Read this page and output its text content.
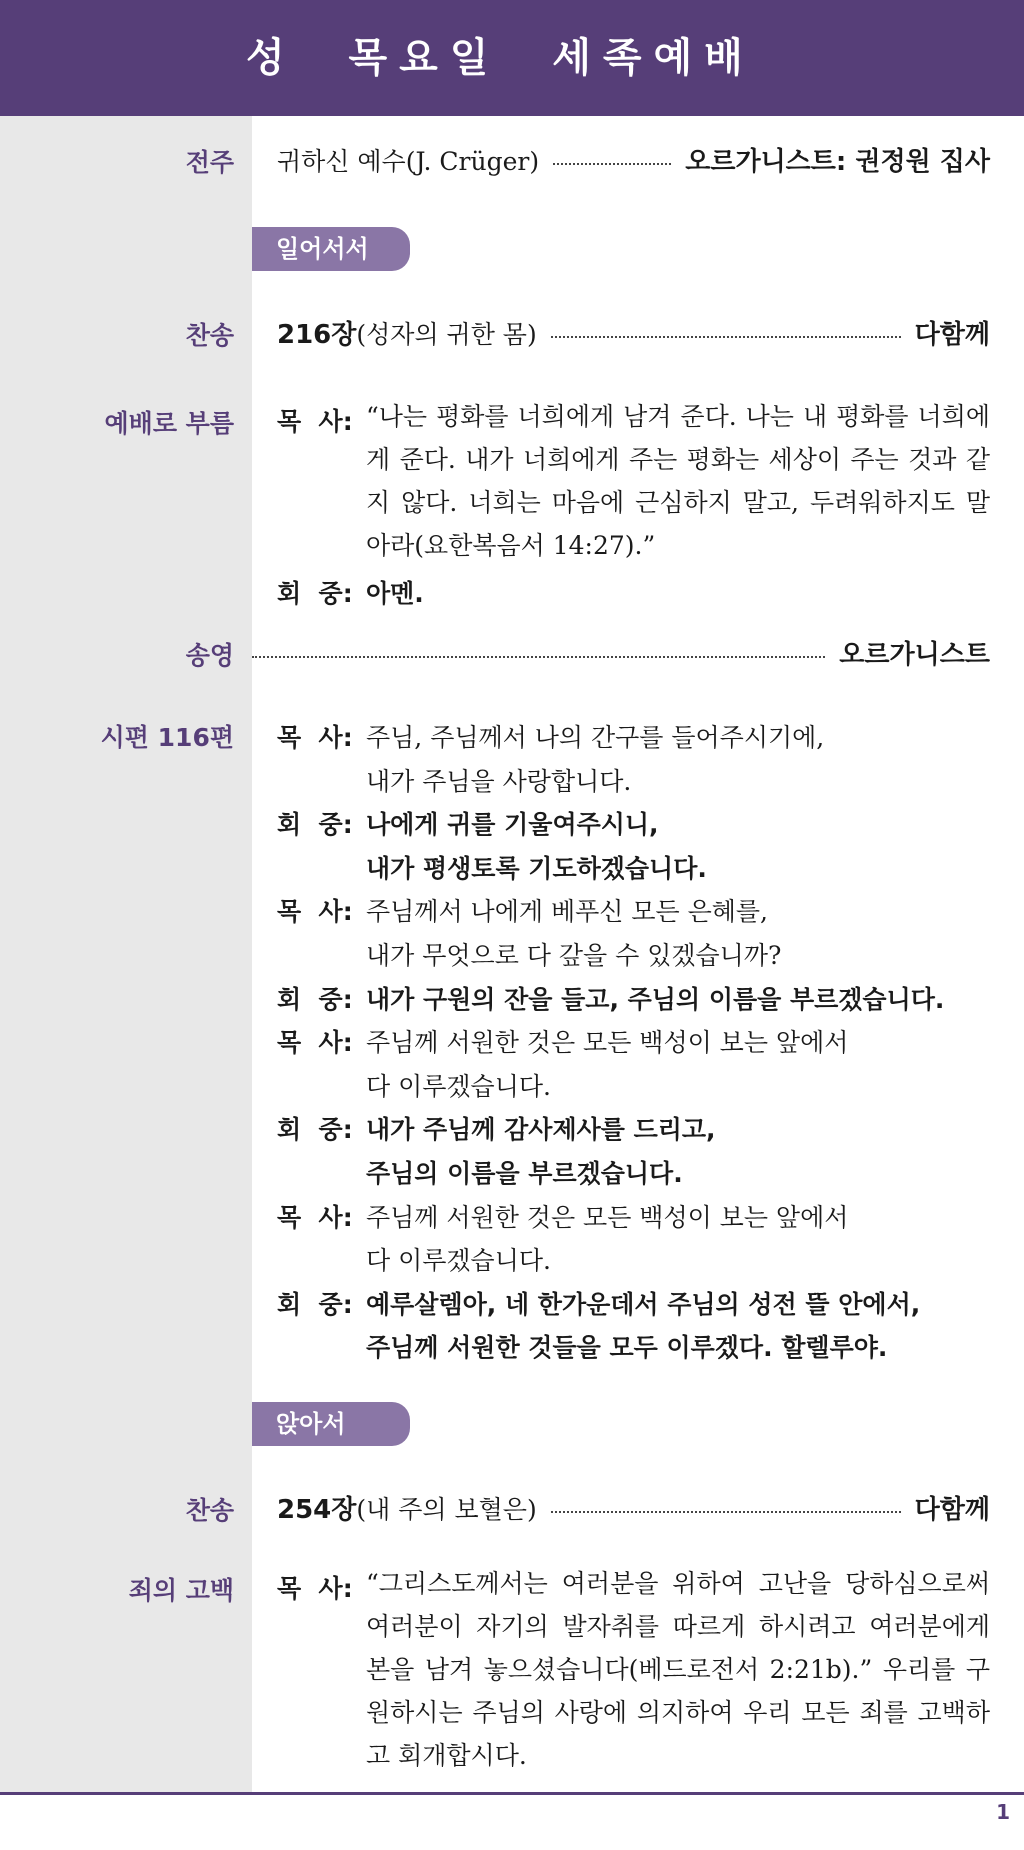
성  목요일  세족예배
전주 귀하신 예수(J. Crüger)	오르가니스트: 권정원 집사
일어서서
찬송 216장 (성자의 귀한 몸)	다함께
예배로 부름 목  사: “나는 평화를 너희에게 남겨 준다. 나는 내 평화를 너희에게 준다. 내가 너희에게 주는 평화는 세상이 주는 것과 같지 않다. 너희는 마음에 근심하지 말고, 두려워하지도 말아라(요한복음서 14:27).”
회  중: 아멘.
송영	오르가니스트
시편 116편 목  사: 주님, 주님께서 나의 간구를 들어주시기에,
내가 주님을 사랑합니다.
회  중: 나에게 귀를 기울여주시니,
내가 평생토록 기도하겠습니다.
목  사: 주님께서 나에게 베푸신 모든 은혜를,
내가 무엇으로 다 갚을 수 있겠습니까?
회  중: 내가 구원의 잔을 들고, 주님의 이름을 부르겠습니다.
목  사: 주님께 서원한 것은 모든 백성이 보는 앞에서
다 이루겠습니다.
회  중: 내가 주님께 감사제사를 드리고,
주님의 이름을 부르겠습니다.
목  사: 주님께 서원한 것은 모든 백성이 보는 앞에서
다 이루겠습니다.
회  중: 예루살렘아, 네 한가운데서 주님의 성전 뜰 안에서,
주님께 서원한 것들을 모두 이루겠다. 할렐루야.
앉아서
찬송 254장 (내 주의 보혈은)	다함께
죄의 고백 목  사: “그리스도께서는 여러분을 위하여 고난을 당하심으로써 여러분이 자기의 발자취를 따르게 하시려고 여러분에게 본을 남겨 놓으셨습니다(베드로전서 2:21b).” 우리를 구원하시는 주님의 사랑에 의지하여 우리 모든 죄를 고백하고 회개합시다.
1
